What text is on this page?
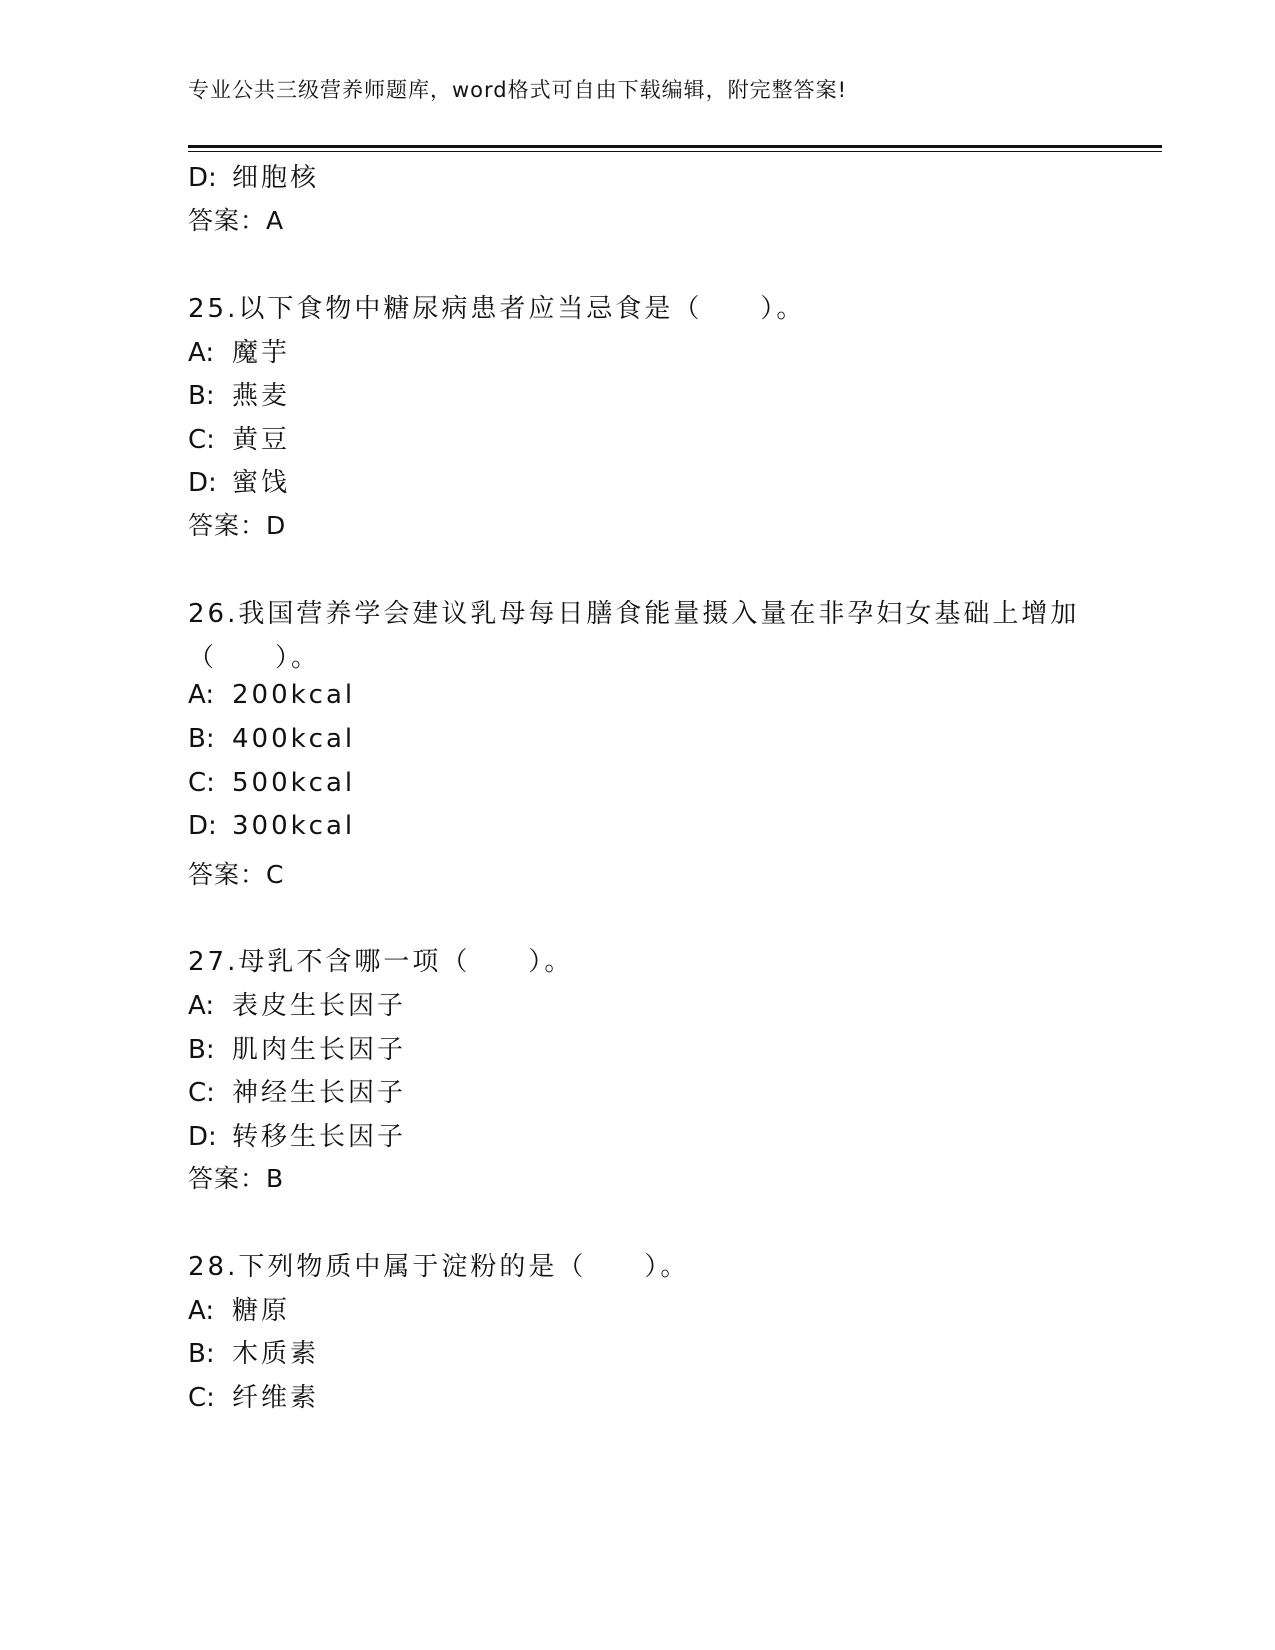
专业公共三级营养师题库，word格式可自由下载编辑，附完整答案!
D: 细胞核
答案：A
25.以下食物中糖尿病患者应当忌食是（　　）。
A: 魔芋
B: 燕麦
C: 黄豆
D: 蜜饯
答案：D
26.我国营养学会建议乳母每日膳食能量摄入量在非孕妇女基础上增加
（　　）。
A: 200kcal
B: 400kcal
C: 500kcal
D: 300kcal
答案：C
27.母乳不含哪一项（　　）。
A: 表皮生长因子
B: 肌肉生长因子
C: 神经生长因子
D: 转移生长因子
答案：B
28.下列物质中属于淀粉的是（　　）。
A: 糖原
B: 木质素
C: 纤维素
